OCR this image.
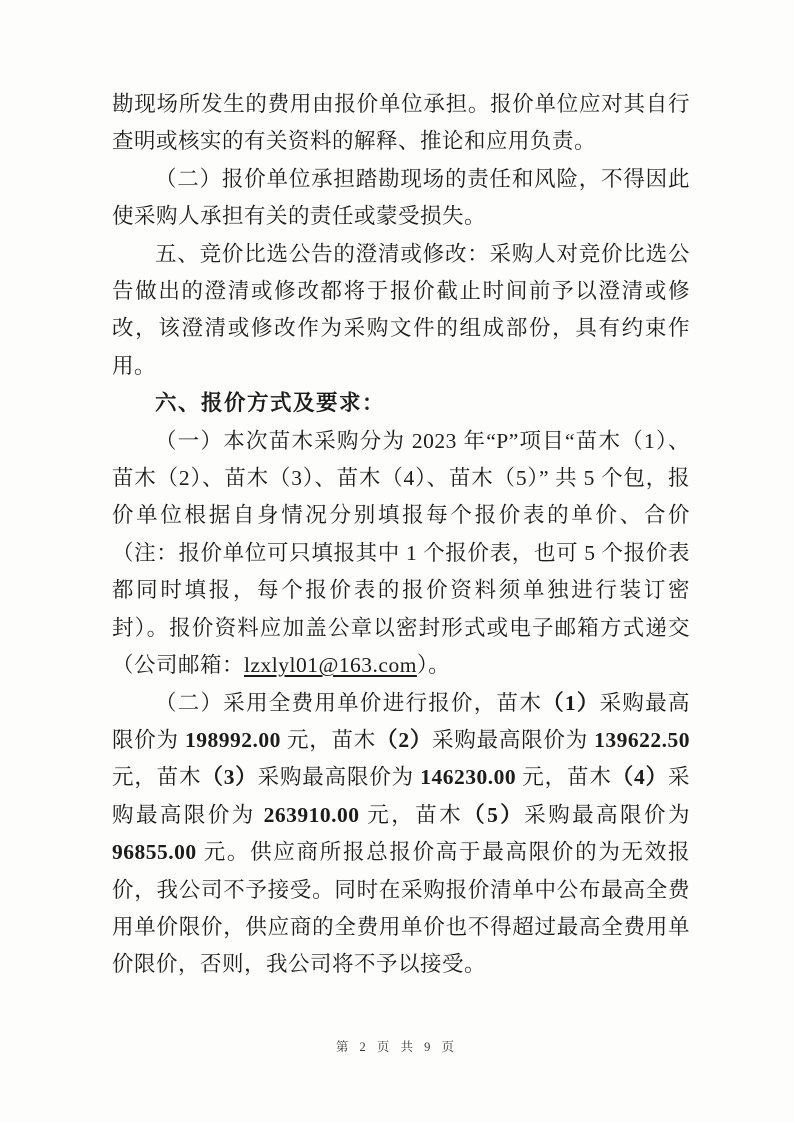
勘现场所发生的费用由报价单位承担。报价单位应对其自行查明或核实的有关资料的解释、推论和应用负责。

（二）报价单位承担踏勘现场的责任和风险，不得因此使采购人承担有关的责任或蒙受损失。

五、竞价比选公告的澄清或修改：采购人对竞价比选公告做出的澄清或修改都将于报价截止时间前予以澄清或修改，该澄清或修改作为采购文件的组成部份，具有约束作用。

六、报价方式及要求：

（一）本次苗木采购分为 2023 年“P”项目“苗木（1）、苗木（2）、苗木（3）、苗木（4）、苗木（5）” 共 5 个包，报价单位根据自身情况分别填报每个报价表的单价、合价（注：报价单位可只填报其中 1 个报价表，也可 5 个报价表都同时填报，每个报价表的报价资料须单独进行装订密封）。报价资料应加盖公章以密封形式或电子邮箱方式递交（公司邮箱：lzxlyl01@163.com）。

（二）采用全费用单价进行报价，苗木（1）采购最高限价为 198992.00 元，苗木（2）采购最高限价为 139622.50 元，苗木（3）采购最高限价为 146230.00 元，苗木（4）采购最高限价为 263910.00 元，苗木（5）采购最高限价为 96855.00 元。供应商所报总报价高于最高限价的为无效报价，我公司不予接受。同时在采购报价清单中公布最高全费用单价限价，供应商的全费用单价也不得超过最高全费用单价限价，否则，我公司将不予以接受。

第 2 页 共 9 页
